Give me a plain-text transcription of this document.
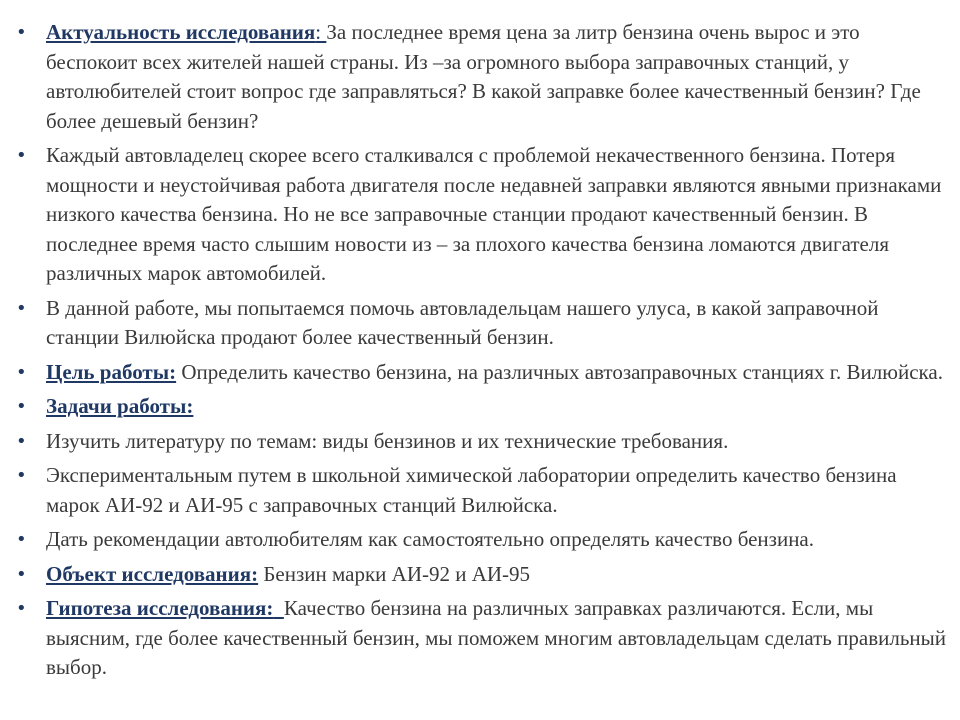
• Актуальность исследования: За последнее время цена за литр бензина очень вырос и это беспокоит всех жителей нашей страны. Из –за огромного выбора заправочных станций, у автолюбителей стоит вопрос где заправляться? В какой заправке более качественный бензин? Где более дешевый бензин?
• Каждый автовладелец скорее всего сталкивался с проблемой некачественного бензина. Потеря мощности и неустойчивая работа двигателя после недавней заправки являются явными признаками низкого качества бензина. Но не все заправочные станции продают качественный бензин. В последнее время часто слышим новости из – за плохого качества бензина ломаются двигателя различных марок автомобилей.
• В данной работе, мы попытаемся помочь автовладельцам нашего улуса, в какой заправочной станции Вилюйска продают более качественный бензин.
• Цель работы: Определить качество бензина, на различных автозаправочных станциях г. Вилюйска.
• Задачи работы:
• Изучить литературу по темам: виды бензинов и их технические требования.
• Экспериментальным путем в школьной химической лаборатории определить качество бензина марок АИ-92 и АИ-95 с заправочных станций Вилюйска.
• Дать рекомендации автолюбителям как самостоятельно определять качество бензина.
• Объект исследования: Бензин марки АИ-92 и АИ-95
• Гипотеза исследования: Качество бензина на различных заправках различаются. Если, мы выясним, где более качественный бензин, мы поможем многим автовладельцам сделать правильный выбор.
